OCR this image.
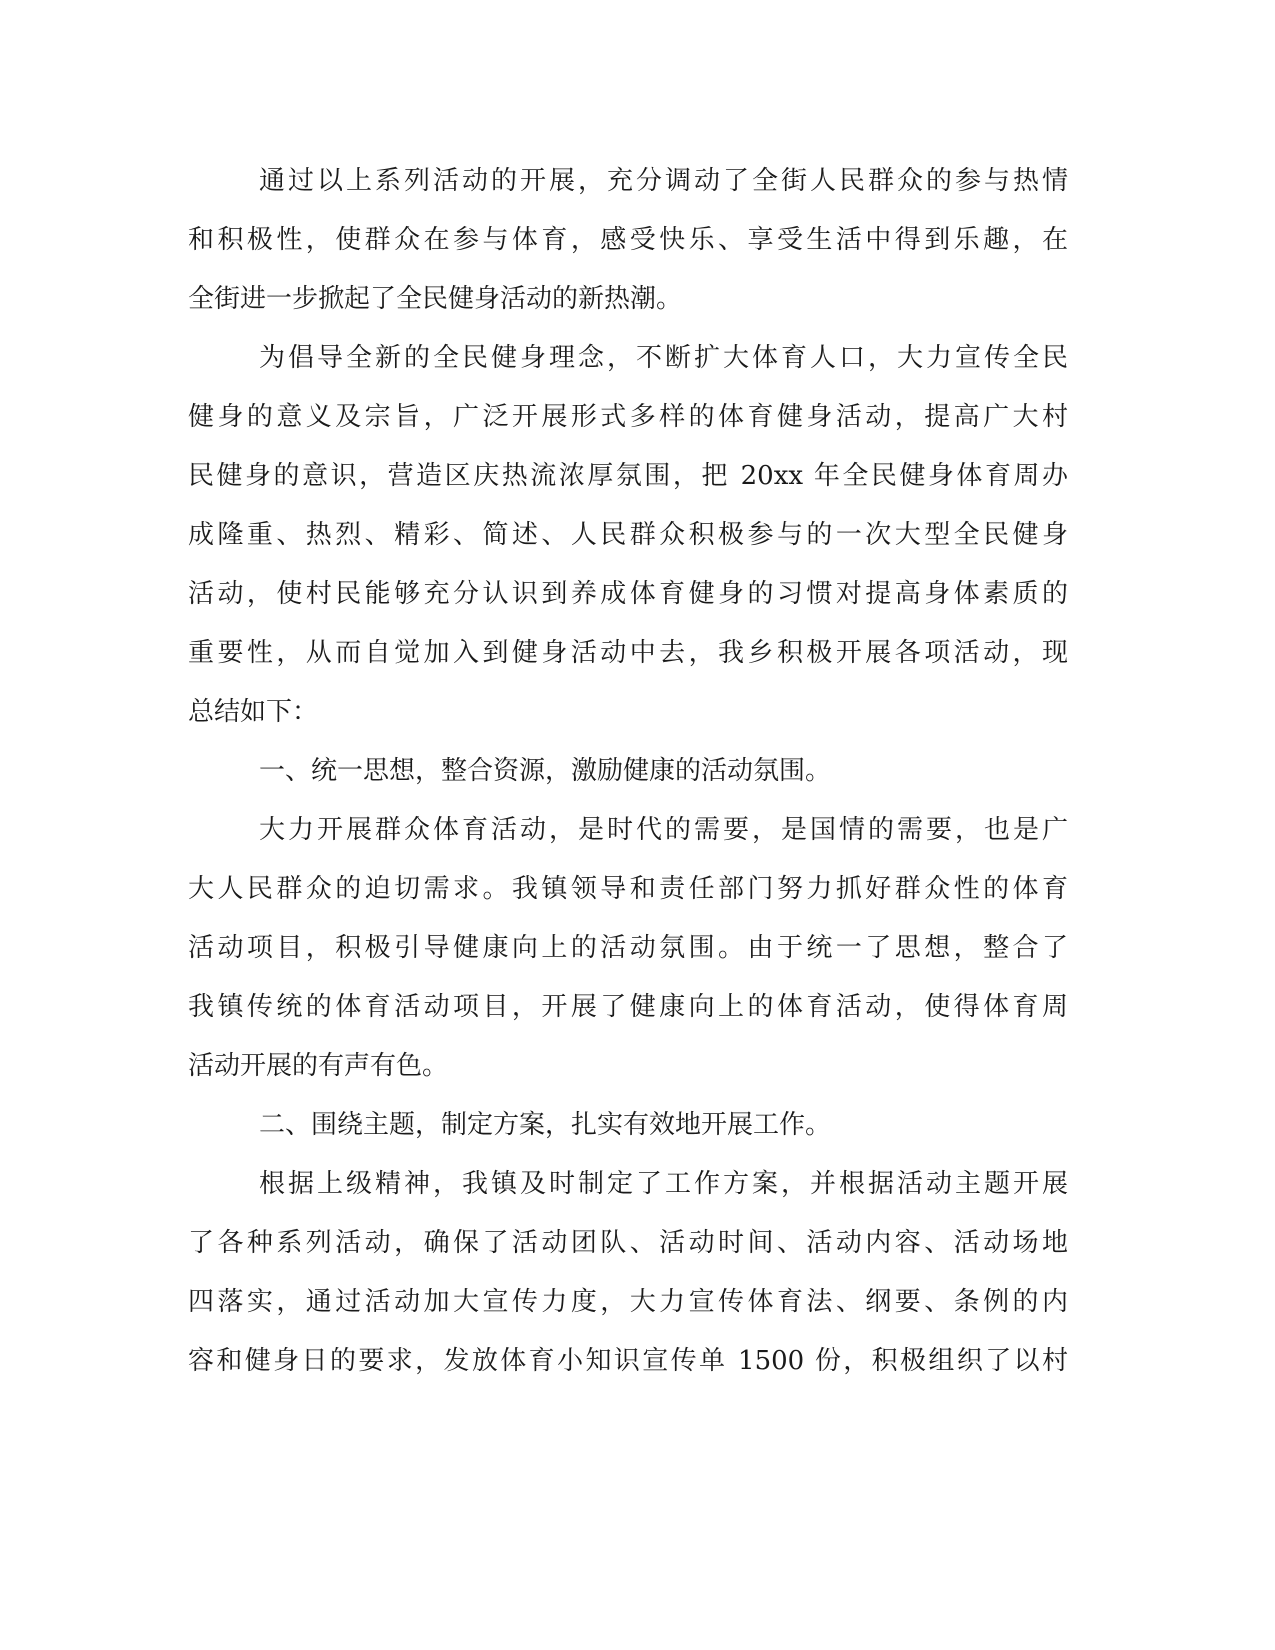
通过以上系列活动的开展，充分调动了全街人民群众的参与热情
和积极性，使群众在参与体育，感受快乐、享受生活中得到乐趣，在
全街进一步掀起了全民健身活动的新热潮。
为倡导全新的全民健身理念，不断扩大体育人口，大力宣传全民
健身的意义及宗旨，广泛开展形式多样的体育健身活动，提高广大村
民健身的意识，营造区庆热流浓厚氛围，把 20xx 年全民健身体育周办
成隆重、热烈、精彩、简述、人民群众积极参与的一次大型全民健身
活动，使村民能够充分认识到养成体育健身的习惯对提高身体素质的
重要性，从而自觉加入到健身活动中去，我乡积极开展各项活动，现
总结如下：
一、统一思想，整合资源，激励健康的活动氛围。
大力开展群众体育活动，是时代的需要，是国情的需要，也是广
大人民群众的迫切需求。我镇领导和责任部门努力抓好群众性的体育
活动项目，积极引导健康向上的活动氛围。由于统一了思想，整合了
我镇传统的体育活动项目，开展了健康向上的体育活动，使得体育周
活动开展的有声有色。
二、围绕主题，制定方案，扎实有效地开展工作。
根据上级精神，我镇及时制定了工作方案，并根据活动主题开展
了各种系列活动，确保了活动团队、活动时间、活动内容、活动场地
四落实，通过活动加大宣传力度，大力宣传体育法、纲要、条例的内
容和健身日的要求，发放体育小知识宣传单 1500 份，积极组织了以村
